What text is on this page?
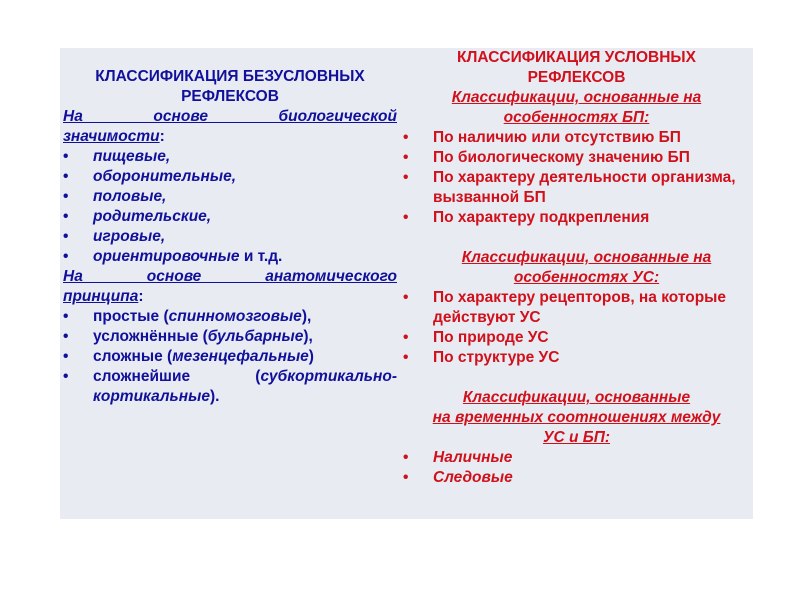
КЛАССИФИКАЦИЯ БЕЗУСЛОВНЫХ
РЕФЛЕКСОВ
На основе биологической
значимости:
•	пищевые,
•	оборонительные,
•	половые,
•	родительские,
•	игровые,
•	ориентировочные и т.д.
На основе анатомического
принципа:
•	простые (спинномозговые),
•	усложнённые (бульбарные),
•	сложные (мезенцефальные)
•	сложнейшие (субкортикально-
кортикальные).
КЛАССИФИКАЦИЯ УСЛОВНЫХ
РЕФЛЕКСОВ
Классификации, основанные на
особенностях БП:
•	По наличию или отсутствию БП
•	По биологическому значению БП
•	По характеру деятельности организма, вызванной БП
•	По характеру подкрепления
Классификации, основанные на
особенностях УС:
•	По характеру рецепторов, на которые действуют УС
•	По природе УС
•	По структуре УС
Классификации, основанные
на временных соотношениях между
УС и БП:
•	Наличные
•	Следовые
